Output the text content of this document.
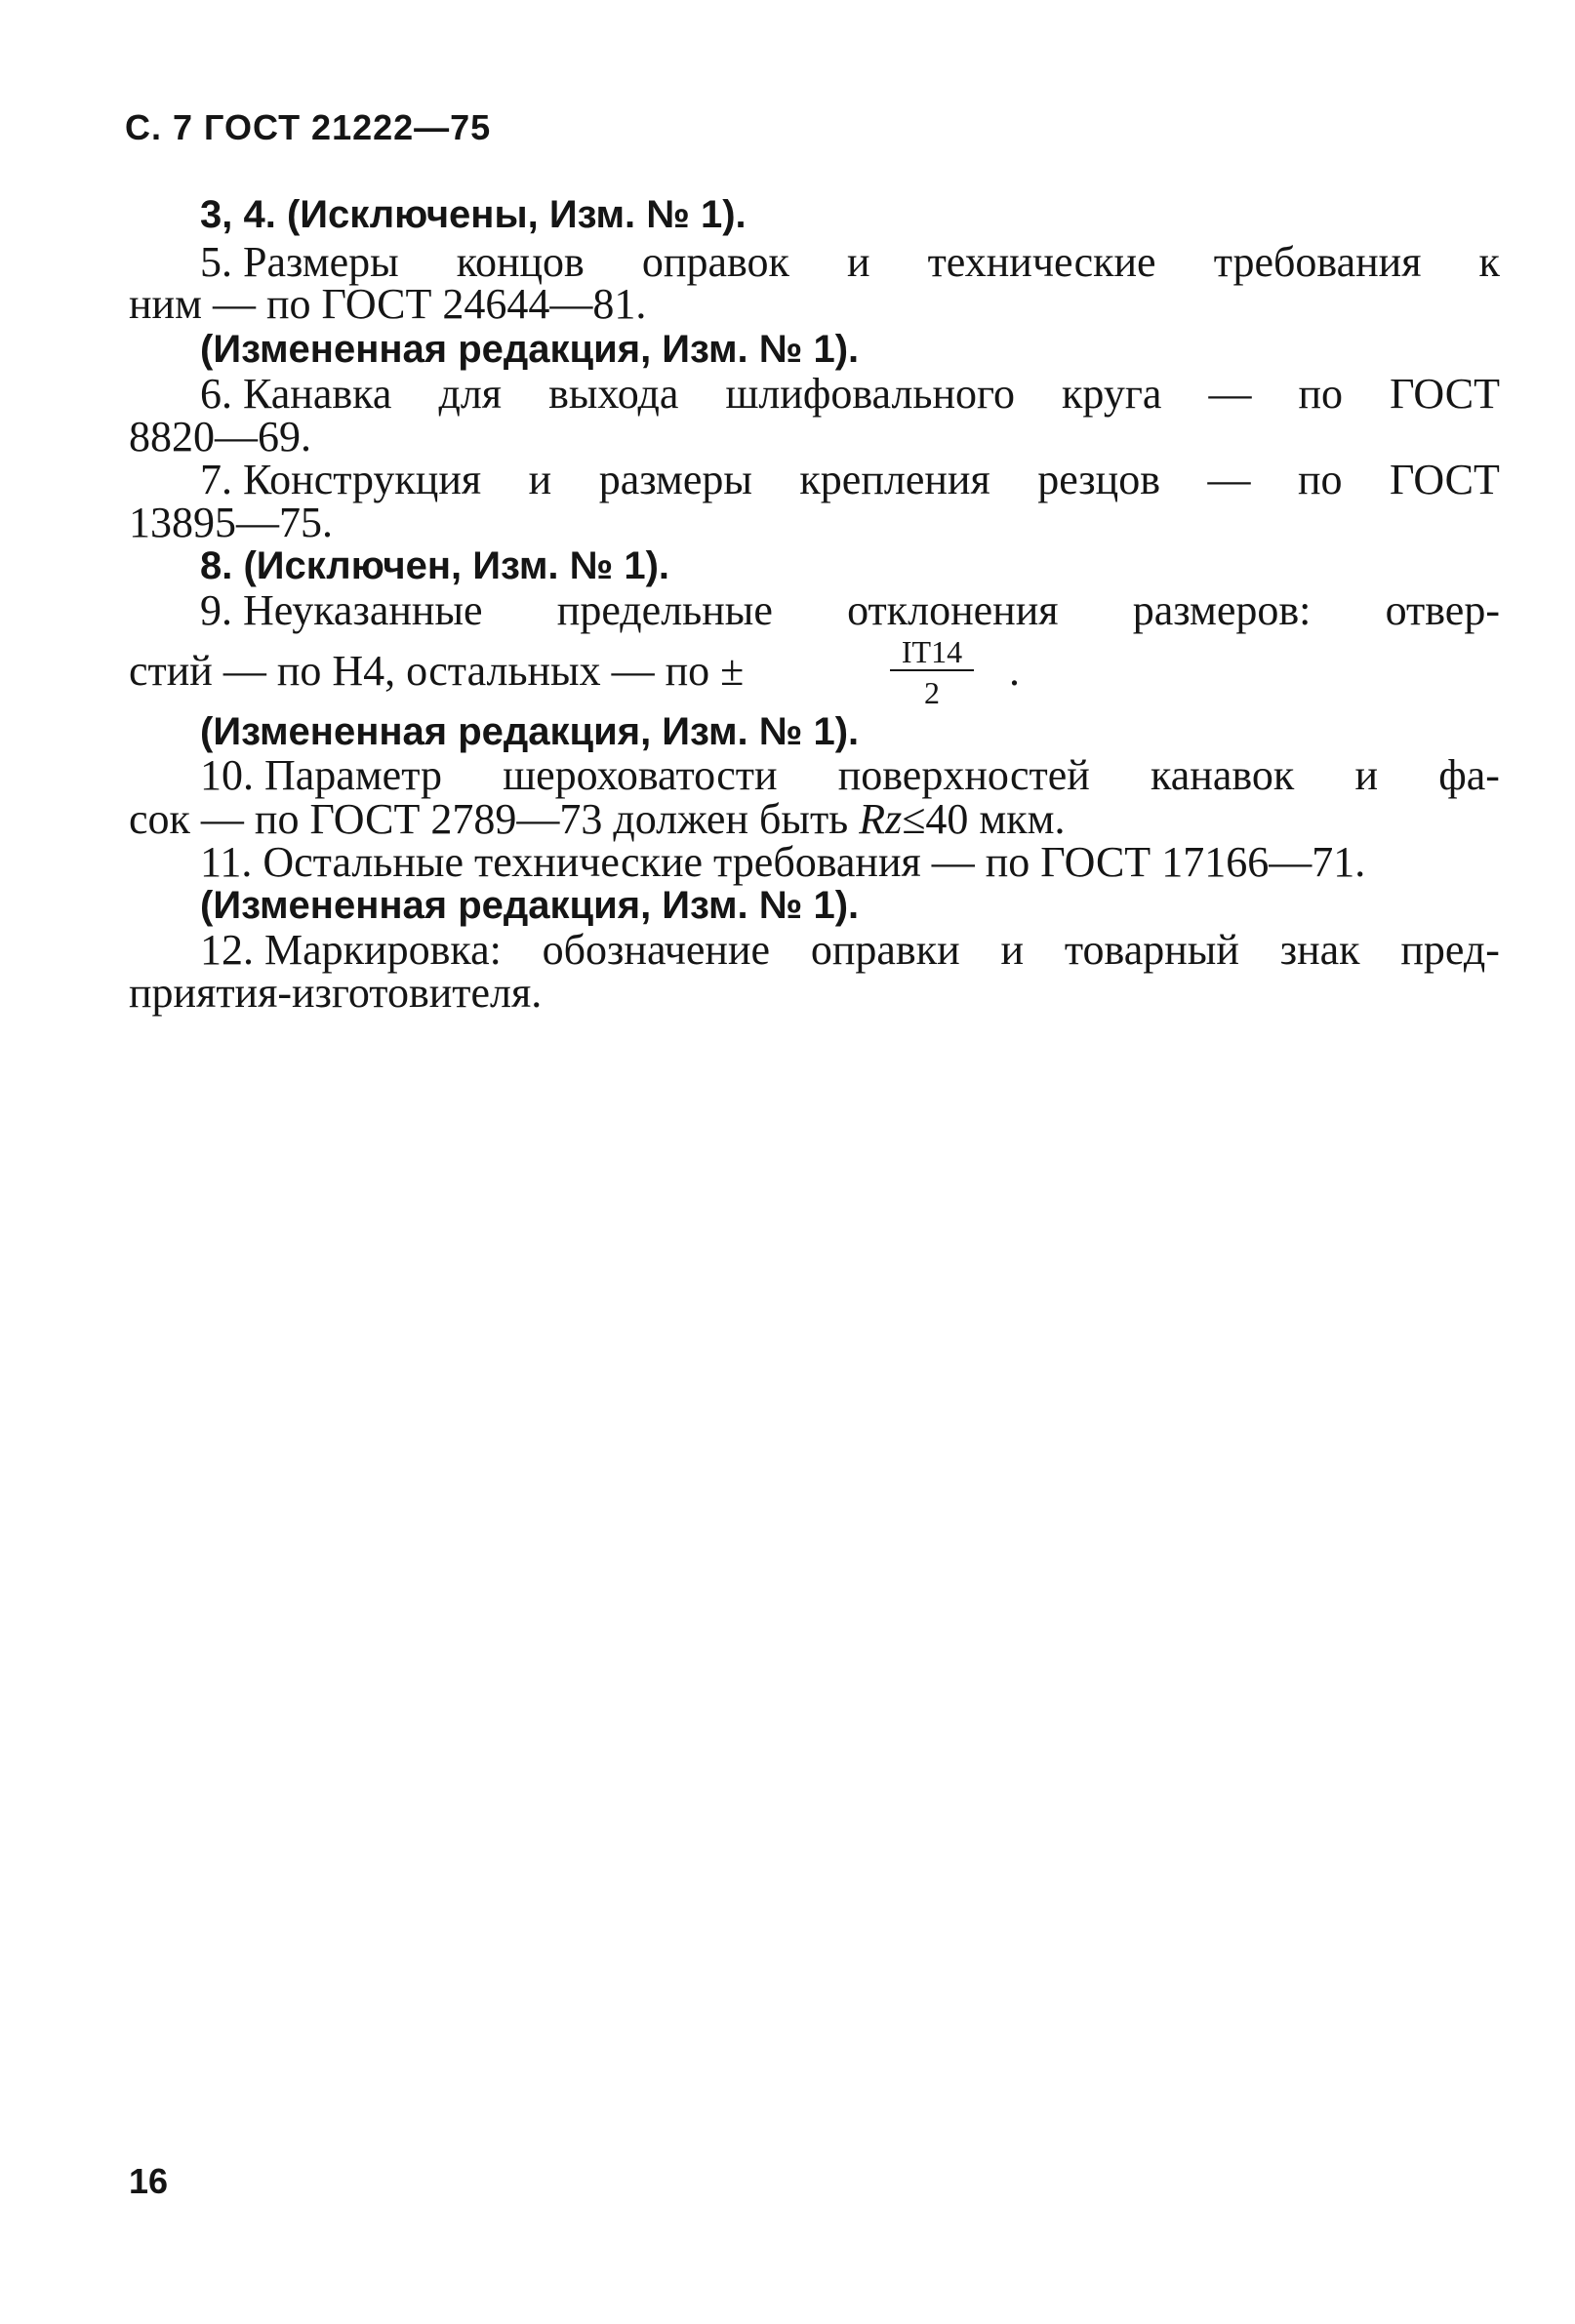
С. 7 ГОСТ 21222—75
3, 4. (Исключены, Изм. № 1).
5. Размеры концов оправок и технические требования к
ним — по ГОСТ 24644—81.
(Измененная редакция, Изм. № 1).
6. Канавка для выхода шлифовального круга — по ГОСТ
8820—69.
7. Конструкция и размеры крепления резцов — по ГОСТ
13895—75.
8. (Исключен, Изм. № 1).
9. Неуказанные предельные отклонения размеров: отвер-
стий — по Н4, остальных — по ±	IT14
2	.
(Измененная редакция, Изм. № 1).
10. Параметр шероховатости поверхностей канавок и фа-
сок — по ГОСТ 2789—73 должен быть Rz≤40 мкм.
11. Остальные технические требования — по ГОСТ 17166—71.
(Измененная редакция, Изм. № 1).
12. Маркировка: обозначение оправки и товарный знак пред-
приятия-изготовителя.
16
